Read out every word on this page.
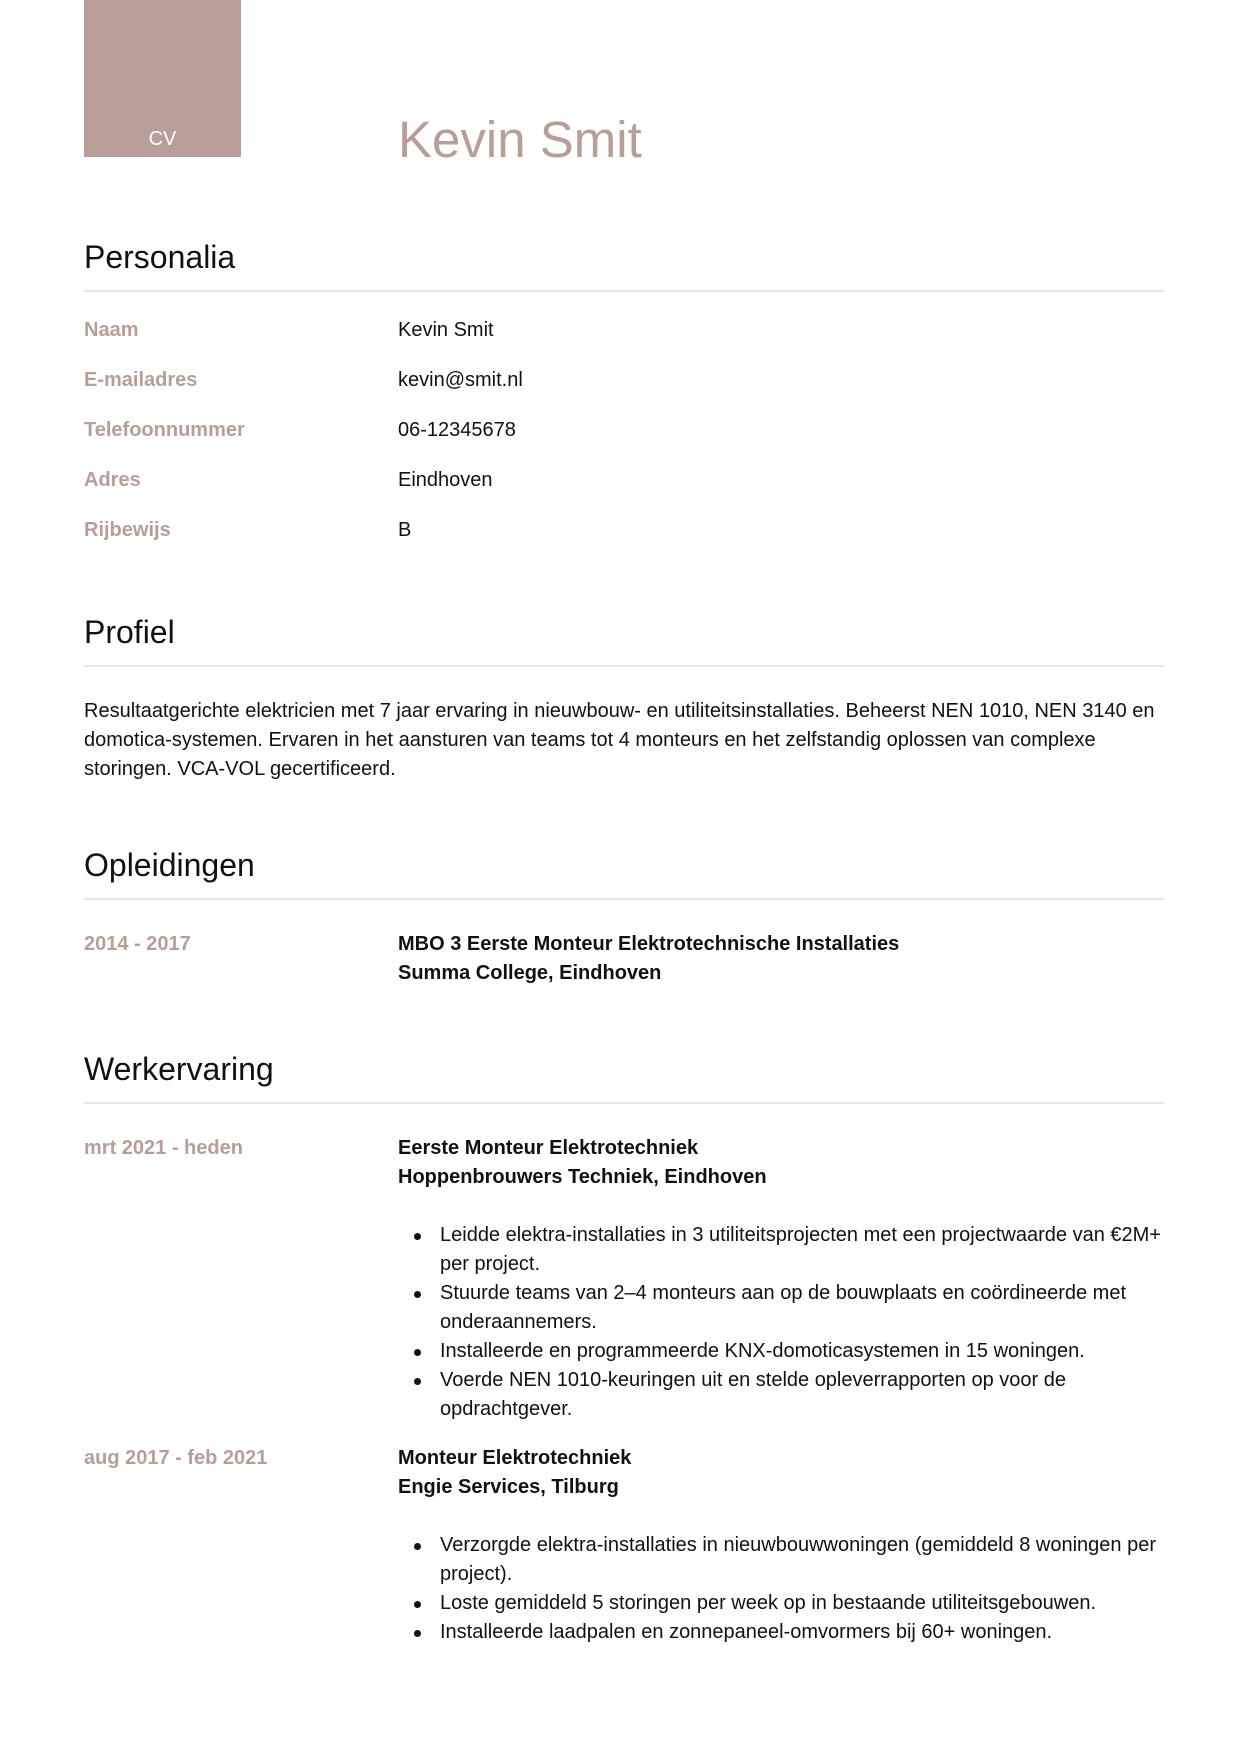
CV	Kevin Smit
Personalia
Naam	Kevin Smit
E-mailadres	kevin@smit.nl
Telefoonnummer	06-12345678
Adres	Eindhoven
Rijbewijs	B
Profiel

Resultaatgerichte elektricien met 7 jaar ervaring in nieuwbouw- en utiliteitsinstallaties. Beheerst NEN 1010, NEN 3140 en domotica-systemen. Ervaren in het aansturen van teams tot 4 monteurs en het zelfstandig oplossen van complexe storingen. VCA-VOL gecertificeerd.

Opleidingen
2014 - 2017	MBO 3 Eerste Monteur Elektrotechnische Installaties
Summa College, Eindhoven
Werkervaring
mrt 2021 - heden	Eerste Monteur Elektrotechniek
Hoppenbrouwers Techniek, Eindhoven
Leidde elektra-installaties in 3 utiliteitsprojecten met een projectwaarde van €2M+ per project.
Stuurde teams van 2–4 monteurs aan op de bouwplaats en coördineerde met onderaannemers.
Installeerde en programmeerde KNX-domoticasystemen in 15 woningen.
Voerde NEN 1010-keuringen uit en stelde opleverrapporten op voor de opdrachtgever.
aug 2017 - feb 2021	Monteur Elektrotechniek
Engie Services, Tilburg
Verzorgde elektra-installaties in nieuwbouwwoningen (gemiddeld 8 woningen per project).
Loste gemiddeld 5 storingen per week op in bestaande utiliteitsgebouwen.
Installeerde laadpalen en zonnepaneel-omvormers bij 60+ woningen.
